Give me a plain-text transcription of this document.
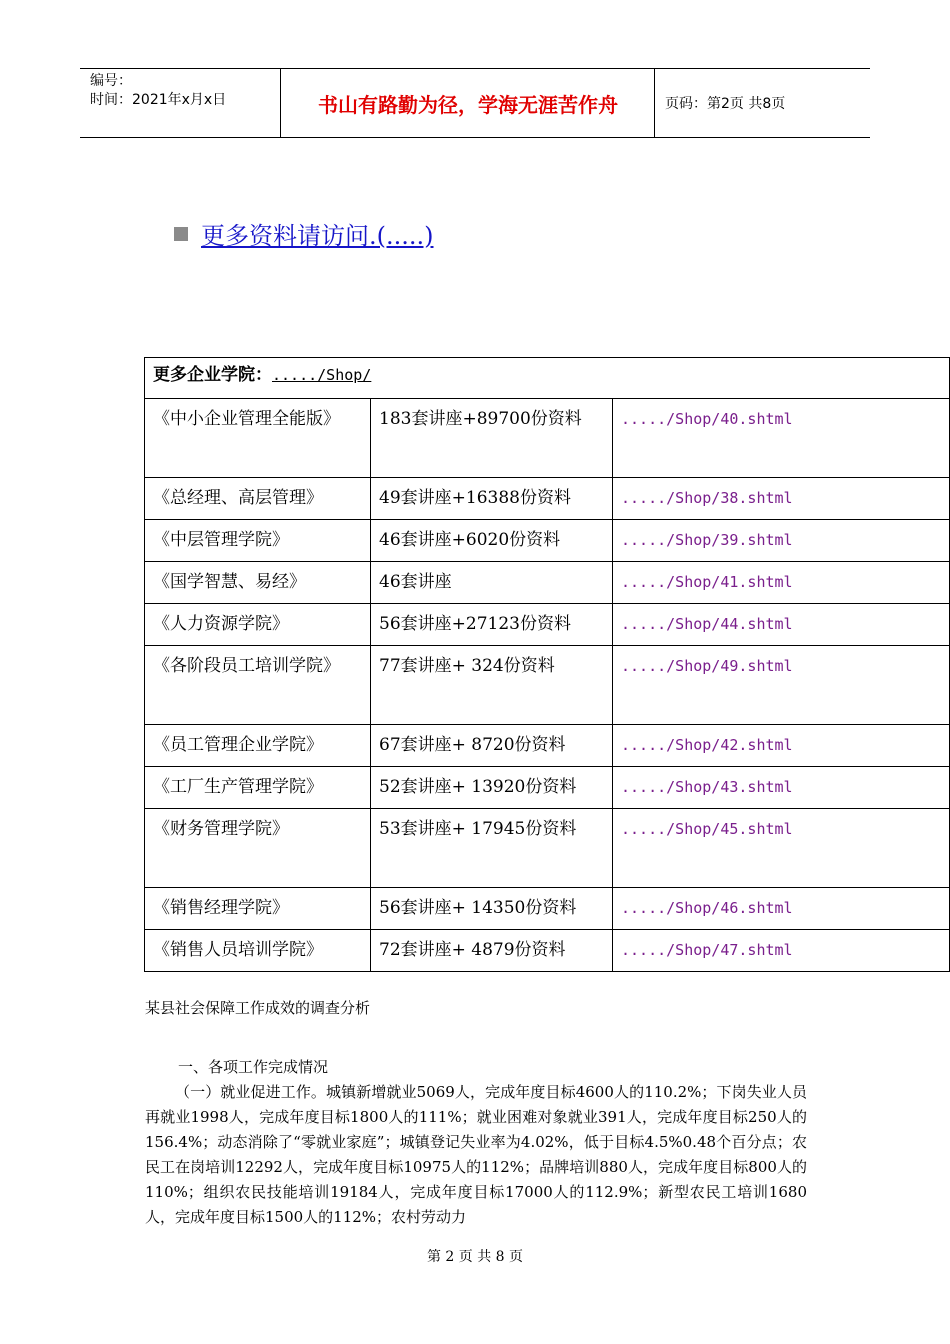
编号：
时间：2021年x月x日	书山有路勤为径，学海无涯苦作舟	页码：第2页 共8页
更多资料请访问.(.....)
更多企业学院：...../Shop/		
《中小企业管理全能版》	183套讲座+89700份资料	...../Shop/40.shtml
《总经理、高层管理》	49套讲座+16388份资料	...../Shop/38.shtml
《中层管理学院》	46套讲座+6020份资料	...../Shop/39.shtml
《国学智慧、易经》	46套讲座	...../Shop/41.shtml
《人力资源学院》	56套讲座+27123份资料	...../Shop/44.shtml
《各阶段员工培训学院》	77套讲座+ 324份资料	...../Shop/49.shtml
《员工管理企业学院》	67套讲座+ 8720份资料	...../Shop/42.shtml
《工厂生产管理学院》	52套讲座+ 13920份资料	...../Shop/43.shtml
《财务管理学院》	53套讲座+ 17945份资料	...../Shop/45.shtml
《销售经理学院》	56套讲座+ 14350份资料	...../Shop/46.shtml
《销售人员培训学院》	72套讲座+ 4879份资料	...../Shop/47.shtml
某县社会保障工作成效的调查分析
一、各项工作完成情况
（一）就业促进工作。城镇新增就业5069人，完成年度目标4600人的110.2%；下岗失业人员再就业1998人，完成年度目标1800人的111%；就业困难对象就业391人，完成年度目标250人的156.4%；动态消除了“零就业家庭”；城镇登记失业率为4.02%，低于目标4.5%0.48个百分点；农民工在岗培训12292人，完成年度目标10975人的112%；品牌培训880人，完成年度目标800人的110%；组织农民技能培训19184人，完成年度目标17000人的112.9%；新型农民工培训1680人，完成年度目标1500人的112%；农村劳动力
第 2 页 共 8 页
